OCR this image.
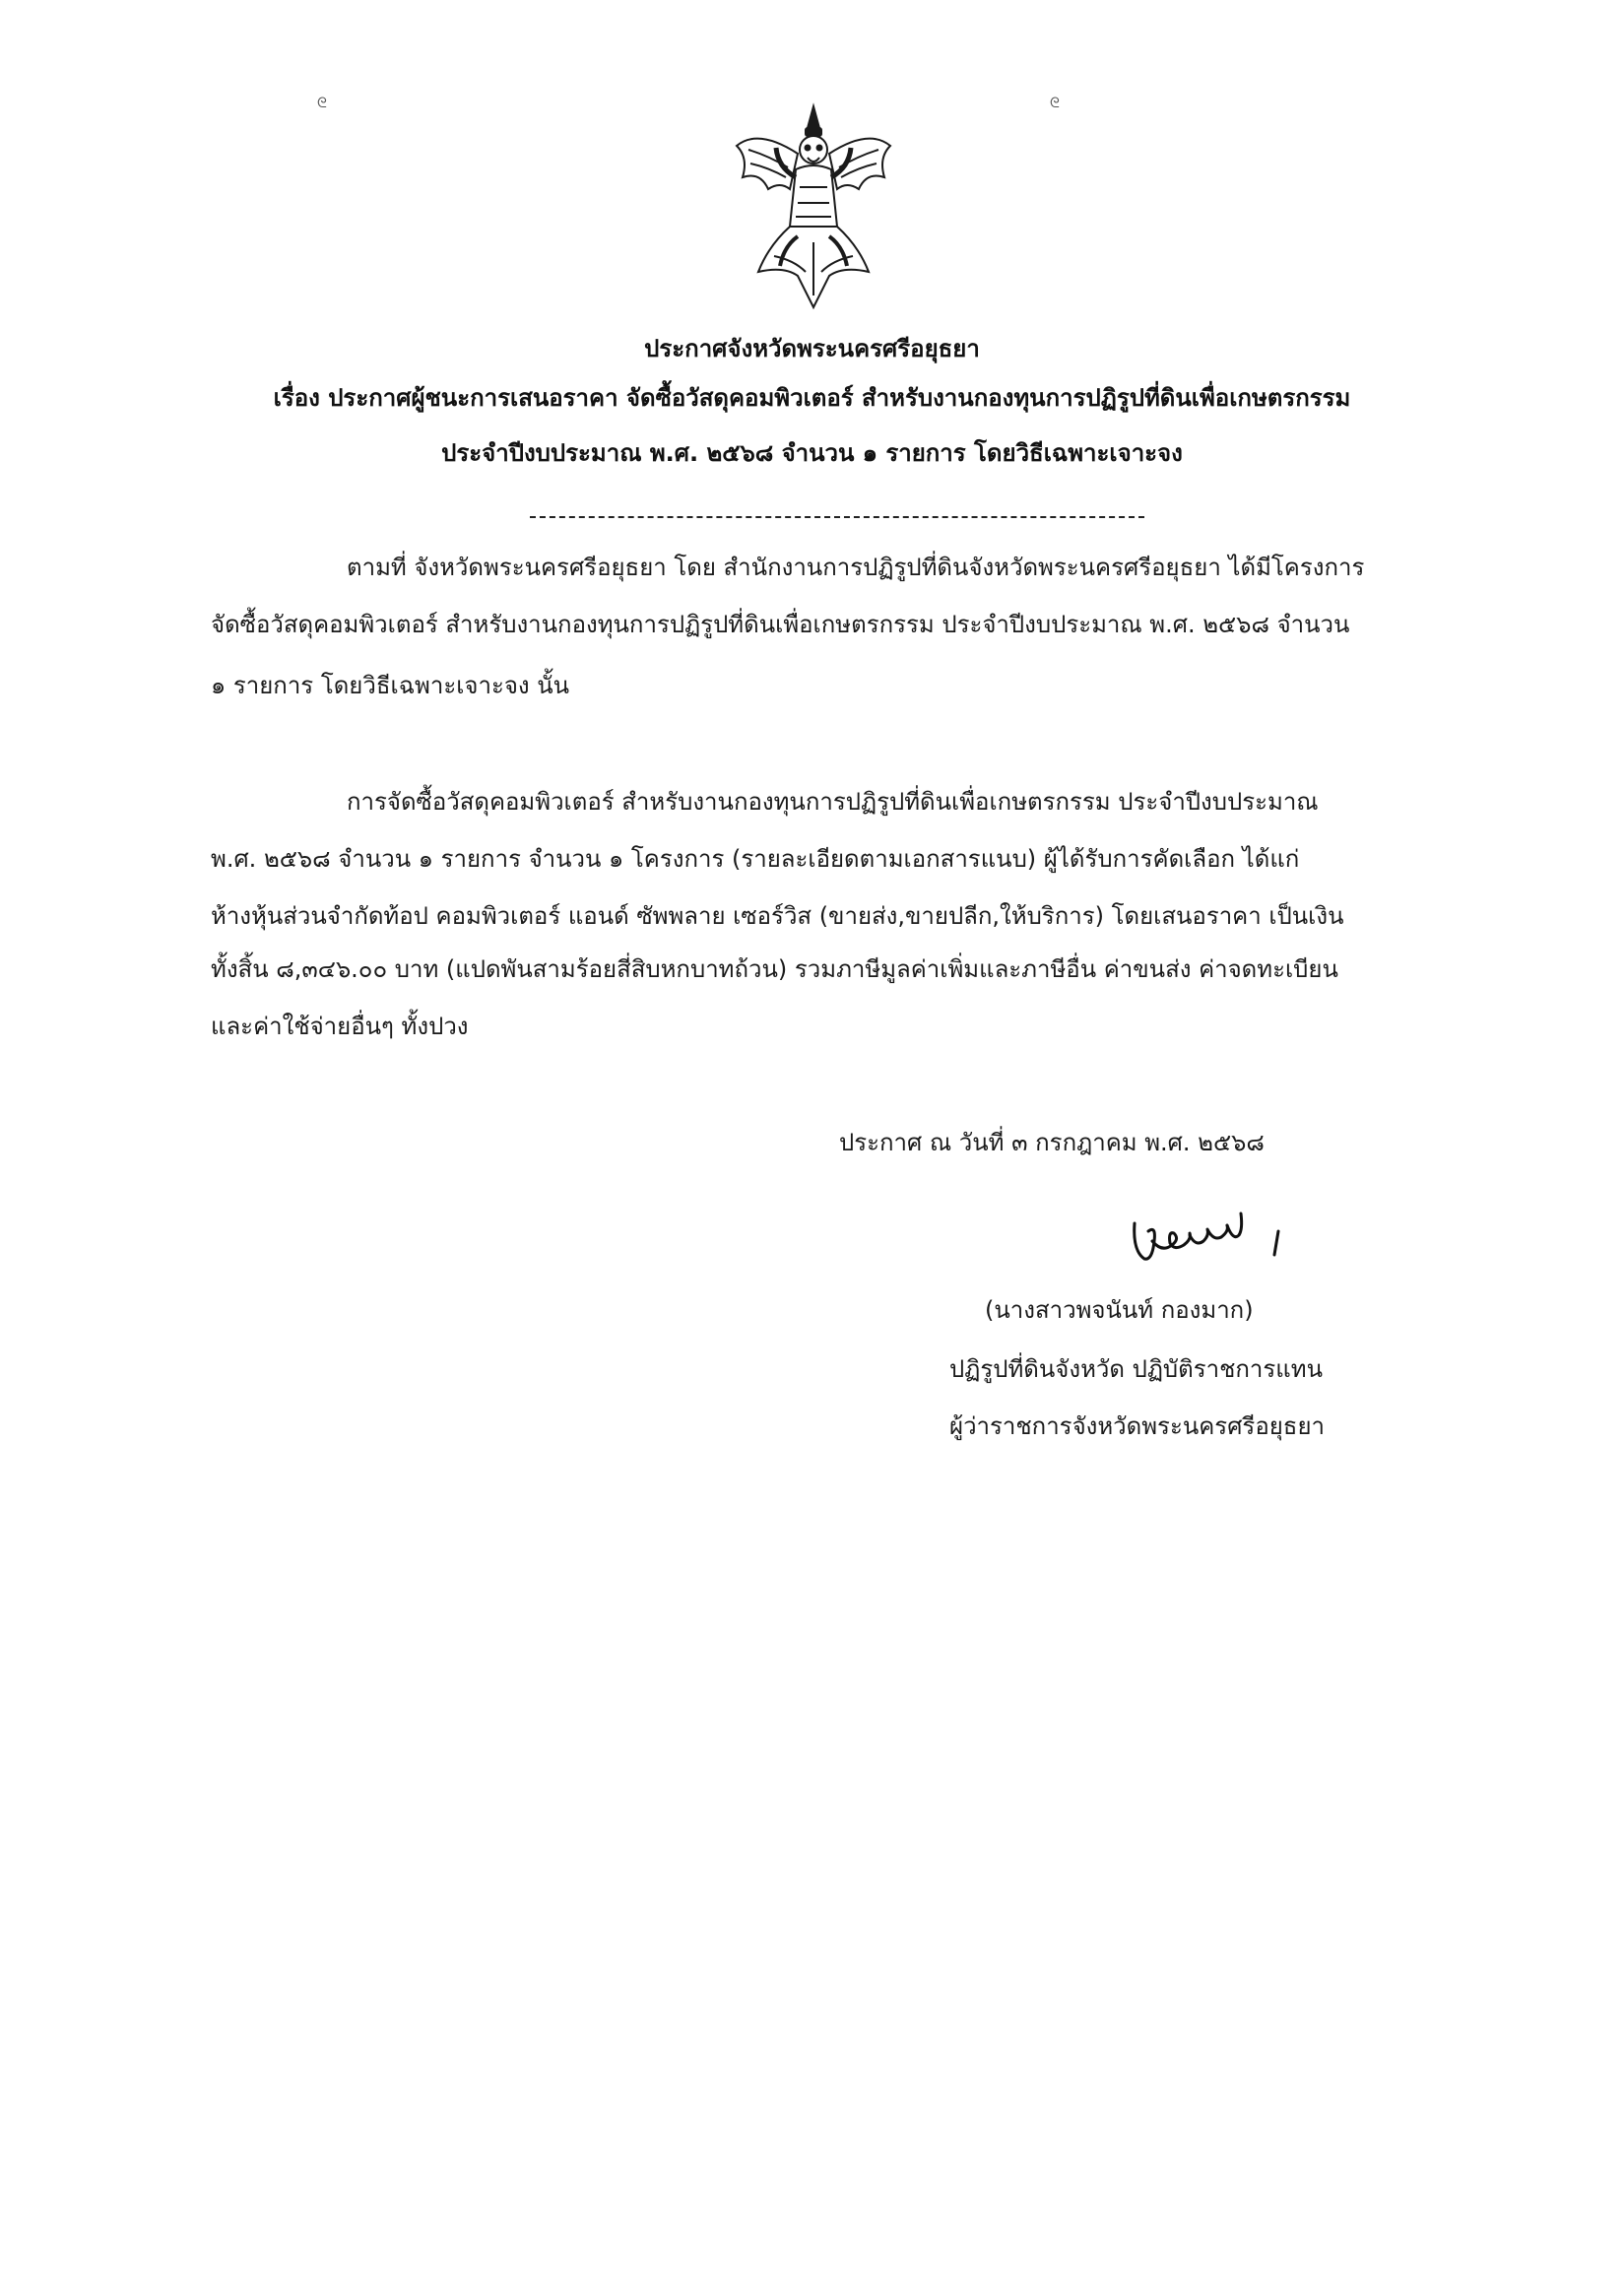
ᘓ	ᘓ
ประกาศจังหวัดพระนครศรีอยุธยา
เรื่อง ประกาศผู้ชนะการเสนอราคา จัดซื้อวัสดุคอมพิวเตอร์ สำหรับงานกองทุนการปฏิรูปที่ดินเพื่อเกษตรกรรม
ประจำปีงบประมาณ พ.ศ. ๒๕๖๘ จำนวน ๑ รายการ โดยวิธีเฉพาะเจาะจง
ตามที่ จังหวัดพระนครศรีอยุธยา โดย สำนักงานการปฏิรูปที่ดินจังหวัดพระนครศรีอยุธยา ได้มีโครงการ
จัดซื้อวัสดุคอมพิวเตอร์ สำหรับงานกองทุนการปฏิรูปที่ดินเพื่อเกษตรกรรม ประจำปีงบประมาณ พ.ศ. ๒๕๖๘ จำนวน
๑ รายการ โดยวิธีเฉพาะเจาะจง นั้น
การจัดซื้อวัสดุคอมพิวเตอร์ สำหรับงานกองทุนการปฏิรูปที่ดินเพื่อเกษตรกรรม ประจำปีงบประมาณ
พ.ศ. ๒๕๖๘ จำนวน ๑ รายการ จำนวน ๑ โครงการ (รายละเอียดตามเอกสารแนบ) ผู้ได้รับการคัดเลือก ได้แก่
ห้างหุ้นส่วนจำกัดท้อป คอมพิวเตอร์ แอนด์ ซัพพลาย เซอร์วิส (ขายส่ง,ขายปลีก,ให้บริการ) โดยเสนอราคา เป็นเงิน
ทั้งสิ้น ๘,๓๔๖.๐๐ บาท (แปดพันสามร้อยสี่สิบหกบาทถ้วน) รวมภาษีมูลค่าเพิ่มและภาษีอื่น ค่าขนส่ง ค่าจดทะเบียน
และค่าใช้จ่ายอื่นๆ ทั้งปวง
ประกาศ ณ วันที่ ๓ กรกฎาคม พ.ศ. ๒๕๖๘
(นางสาวพจนันท์ กองมาก)
ปฏิรูปที่ดินจังหวัด ปฏิบัติราชการแทน
ผู้ว่าราชการจังหวัดพระนครศรีอยุธยา
